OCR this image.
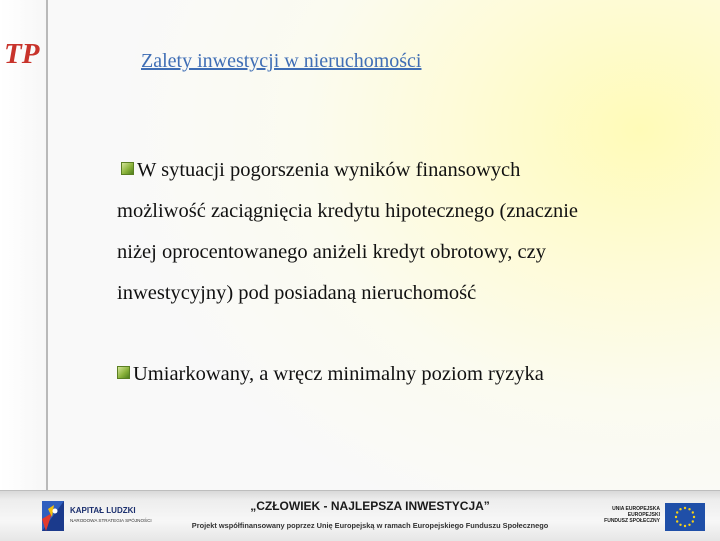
TP	Zalety inwestycji w nieruchomości
W sytuacji pogorszenia wyników finansowych
możliwość zaciągnięcia kredytu hipotecznego (znacznie
niżej oprocentowanego aniżeli kredyt obrotowy, czy
inwestycyjny) pod posiadaną nieruchomość
Umiarkowany, a wręcz minimalny poziom ryzyka
KAPITAŁ LUDZKI
NARODOWA STRATEGIA SPÓJNOŚCI
„CZŁOWIEK - NAJLEPSZA INWESTYCJA”
Projekt współfinansowany poprzez Unię Europejską w ramach Europejskiego Funduszu Społecznego
UNIA EUROPEJSKA
EUROPEJSKI
FUNDUSZ SPOŁECZNY
